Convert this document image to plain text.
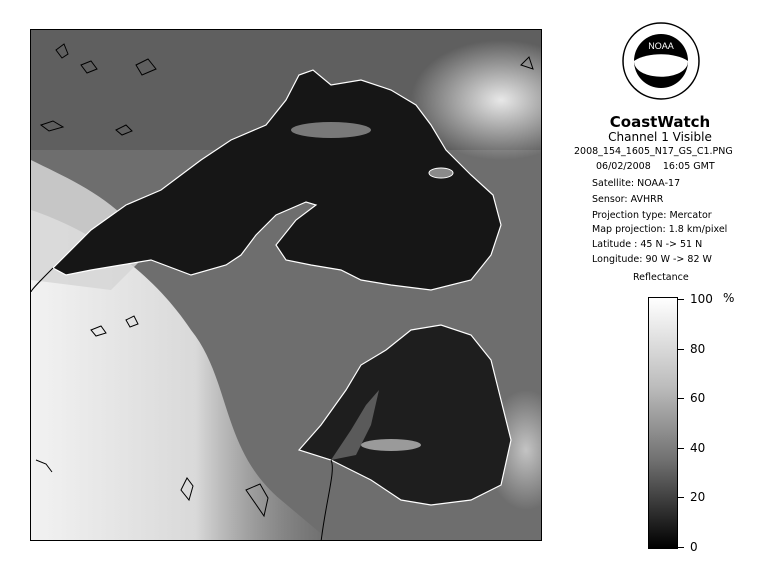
NOAA
CoastWatch
Channel 1 Visible
2008_154_1605_N17_GS_C1.PNG
06/02/2008 16:05 GMT
Satellite: NOAA-17
Sensor: AVHRR
Projection type: Mercator
Map projection: 1.8 km/pixel
Latitude : 45 N -> 51 N
Longitude: 90 W -> 82 W
Reflectance
%
100
80
60
40
20
0
